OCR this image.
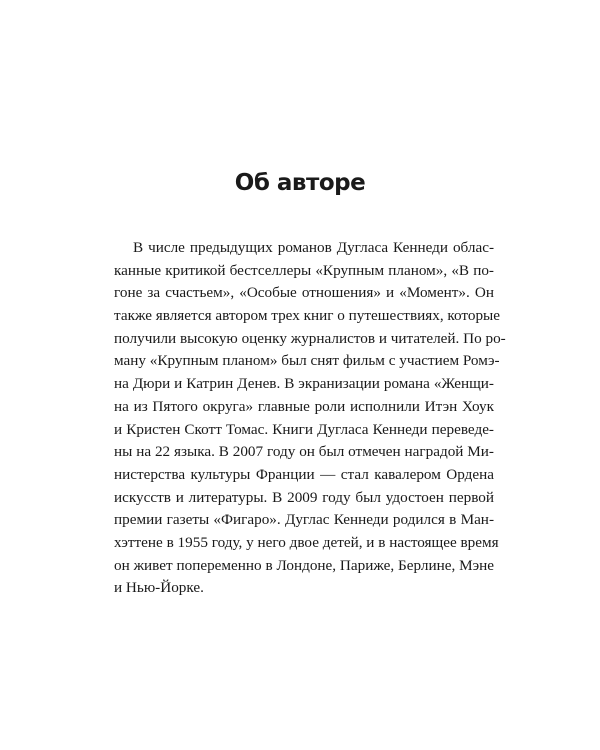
Об авторе
В числе предыдущих романов Дугласа Кеннеди облас-
канные критикой бестселлеры «Крупным планом», «В по-
гоне за счастьем», «Особые отношения» и «Момент». Он
также является автором трех книг о путешествиях, которые
получили высокую оценку журналистов и читателей. По ро-
ману «Крупным планом» был снят фильм с участием Ромэ-
на Дюри и Катрин Денев. В экранизации романа «Женщи-
на из Пятого округа» главные роли исполнили Итэн Хоук
и Кристен Скотт Томас. Книги Дугласа Кеннеди переведе-
ны на 22 языка. В 2007 году он был отмечен наградой Ми-
нистерства культуры Франции — стал кавалером Ордена
искусств и литературы. В 2009 году был удостоен первой
премии газеты «Фигаро». Дуглас Кеннеди родился в Ман-
хэттене в 1955 году, у него двое детей, и в настоящее время
он живет попеременно в Лондоне, Париже, Берлине, Мэне
и Нью-Йорке.
